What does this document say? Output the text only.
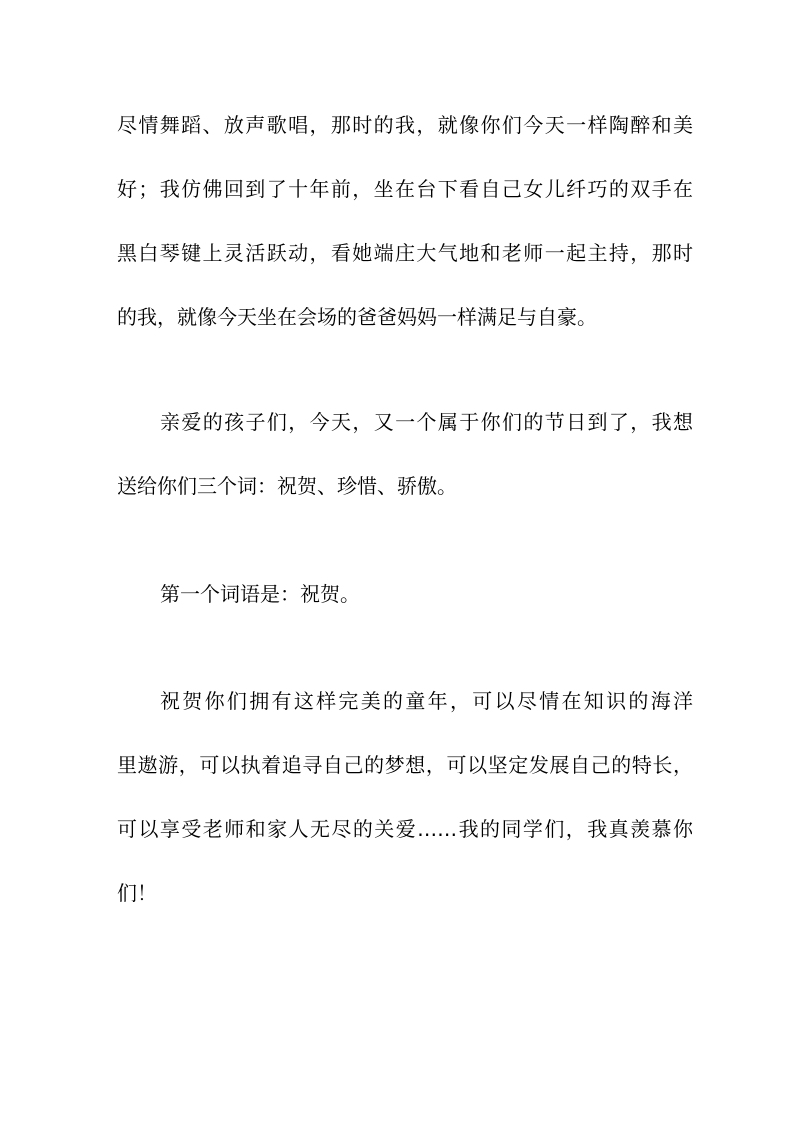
尽情舞蹈、放声歌唱，那时的我，就像你们今天一样陶醉和美
好；我仿佛回到了十年前，坐在台下看自己女儿纤巧的双手在
黑白琴键上灵活跃动，看她端庄大气地和老师一起主持，那时
的我，就像今天坐在会场的爸爸妈妈一样满足与自豪。
亲爱的孩子们，今天，又一个属于你们的节日到了，我想
送给你们三个词：祝贺、珍惜、骄傲。
第一个词语是：祝贺。
祝贺你们拥有这样完美的童年，可以尽情在知识的海洋
里遨游，可以执着追寻自己的梦想，可以坚定发展自己的特长，
可以享受老师和家人无尽的关爱……我的同学们，我真羡慕你
们！
